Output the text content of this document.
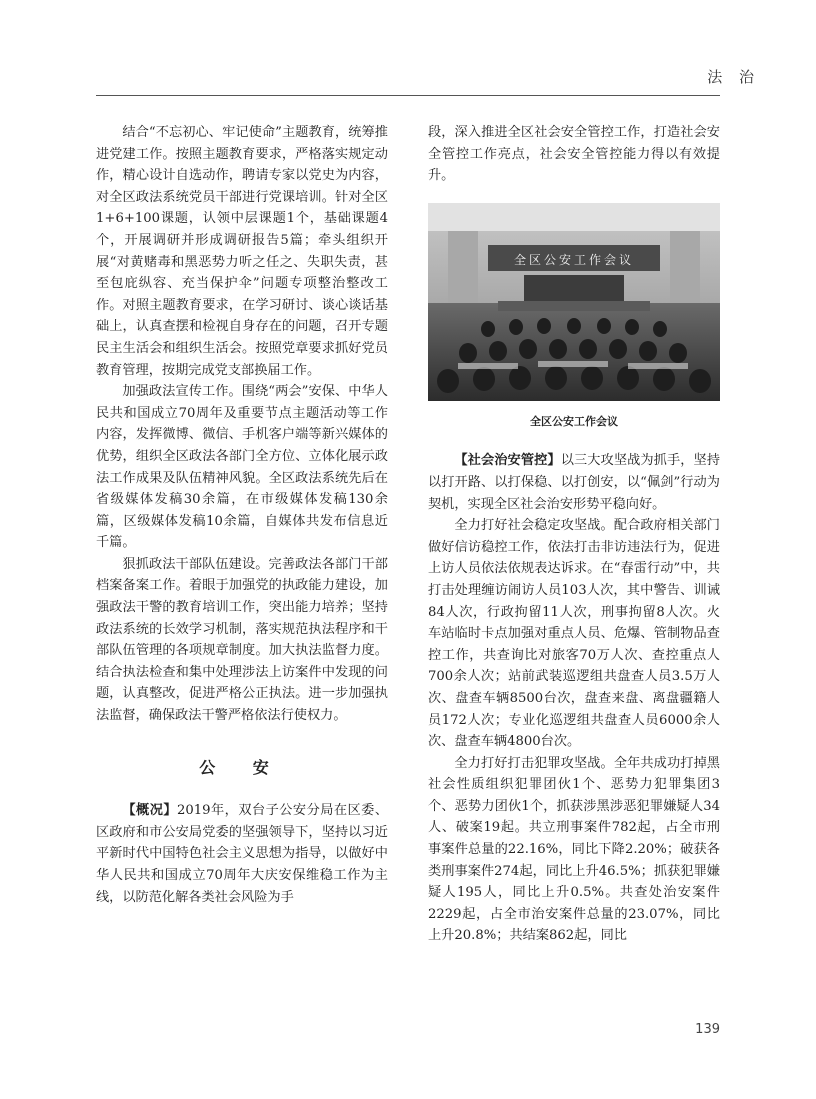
法 治

结合“不忘初心、牢记使命”主题教育，统筹推进党建工作。按照主题教育要求，严格落实规定动作，精心设计自选动作，聘请专家以党史为内容，对全区政法系统党员干部进行党课培训。针对全区1+6+100课题，认领中层课题1个，基础课题4个，开展调研并形成调研报告5篇；牵头组织开展“对黄赌毒和黑恶势力听之任之、失职失责，甚至包庇纵容、充当保护伞”问题专项整治整改工作。对照主题教育要求，在学习研讨、谈心谈话基础上，认真查摆和检视自身存在的问题，召开专题民主生活会和组织生活会。按照党章要求抓好党员教育管理，按期完成党支部换届工作。

加强政法宣传工作。围绕“两会”安保、中华人民共和国成立70周年及重要节点主题活动等工作内容，发挥微博、微信、手机客户端等新兴媒体的优势，组织全区政法各部门全方位、立体化展示政法工作成果及队伍精神风貌。全区政法系统先后在省级媒体发稿30余篇，在市级媒体发稿130余篇，区级媒体发稿10余篇，自媒体共发布信息近千篇。

狠抓政法干部队伍建设。完善政法各部门干部档案备案工作。着眼于加强党的执政能力建设，加强政法干警的教育培训工作，突出能力培养；坚持政法系统的长效学习机制，落实规范执法程序和干部队伍管理的各项规章制度。加大执法监督力度。结合执法检查和集中处理涉法上访案件中发现的问题，认真整改，促进严格公正执法。进一步加强执法监督，确保政法干警严格依法行使权力。

公 安

【概况】2019年，双台子公安分局在区委、区政府和市公安局党委的坚强领导下，坚持以习近平新时代中国特色社会主义思想为指导，以做好中华人民共和国成立70周年大庆安保维稳工作为主线，以防范化解各类社会风险为手

段，深入推进全区社会安全管控工作，打造社会安全管控工作亮点，社会安全管控能力得以有效提升。

全区公安工作会议
全区公安工作会议

【社会治安管控】以三大攻坚战为抓手，坚持以打开路、以打保稳、以打创安，以“佩剑”行动为契机，实现全区社会治安形势平稳向好。

全力打好社会稳定攻坚战。配合政府相关部门做好信访稳控工作，依法打击非访违法行为，促进上访人员依法依规表达诉求。在“春雷行动”中，共打击处理缠访闹访人员103人次，其中警告、训诫84人次，行政拘留11人次，刑事拘留8人次。火车站临时卡点加强对重点人员、危爆、管制物品查控工作，共查询比对旅客70万人次、查控重点人700余人次；站前武装巡逻组共盘查人员3.5万人次、盘查车辆8500台次，盘查来盘、离盘疆籍人员172人次；专业化巡逻组共盘查人员6000余人次、盘查车辆4800台次。

全力打好打击犯罪攻坚战。全年共成功打掉黑社会性质组织犯罪团伙1个、恶势力犯罪集团3个、恶势力团伙1个，抓获涉黑涉恶犯罪嫌疑人34人、破案19起。共立刑事案件782起，占全市刑事案件总量的22.16%，同比下降2.20%；破获各类刑事案件274起，同比上升46.5%；抓获犯罪嫌疑人195人，同比上升0.5%。共查处治安案件2229起，占全市治安案件总量的23.07%，同比上升20.8%；共结案862起，同比

139
